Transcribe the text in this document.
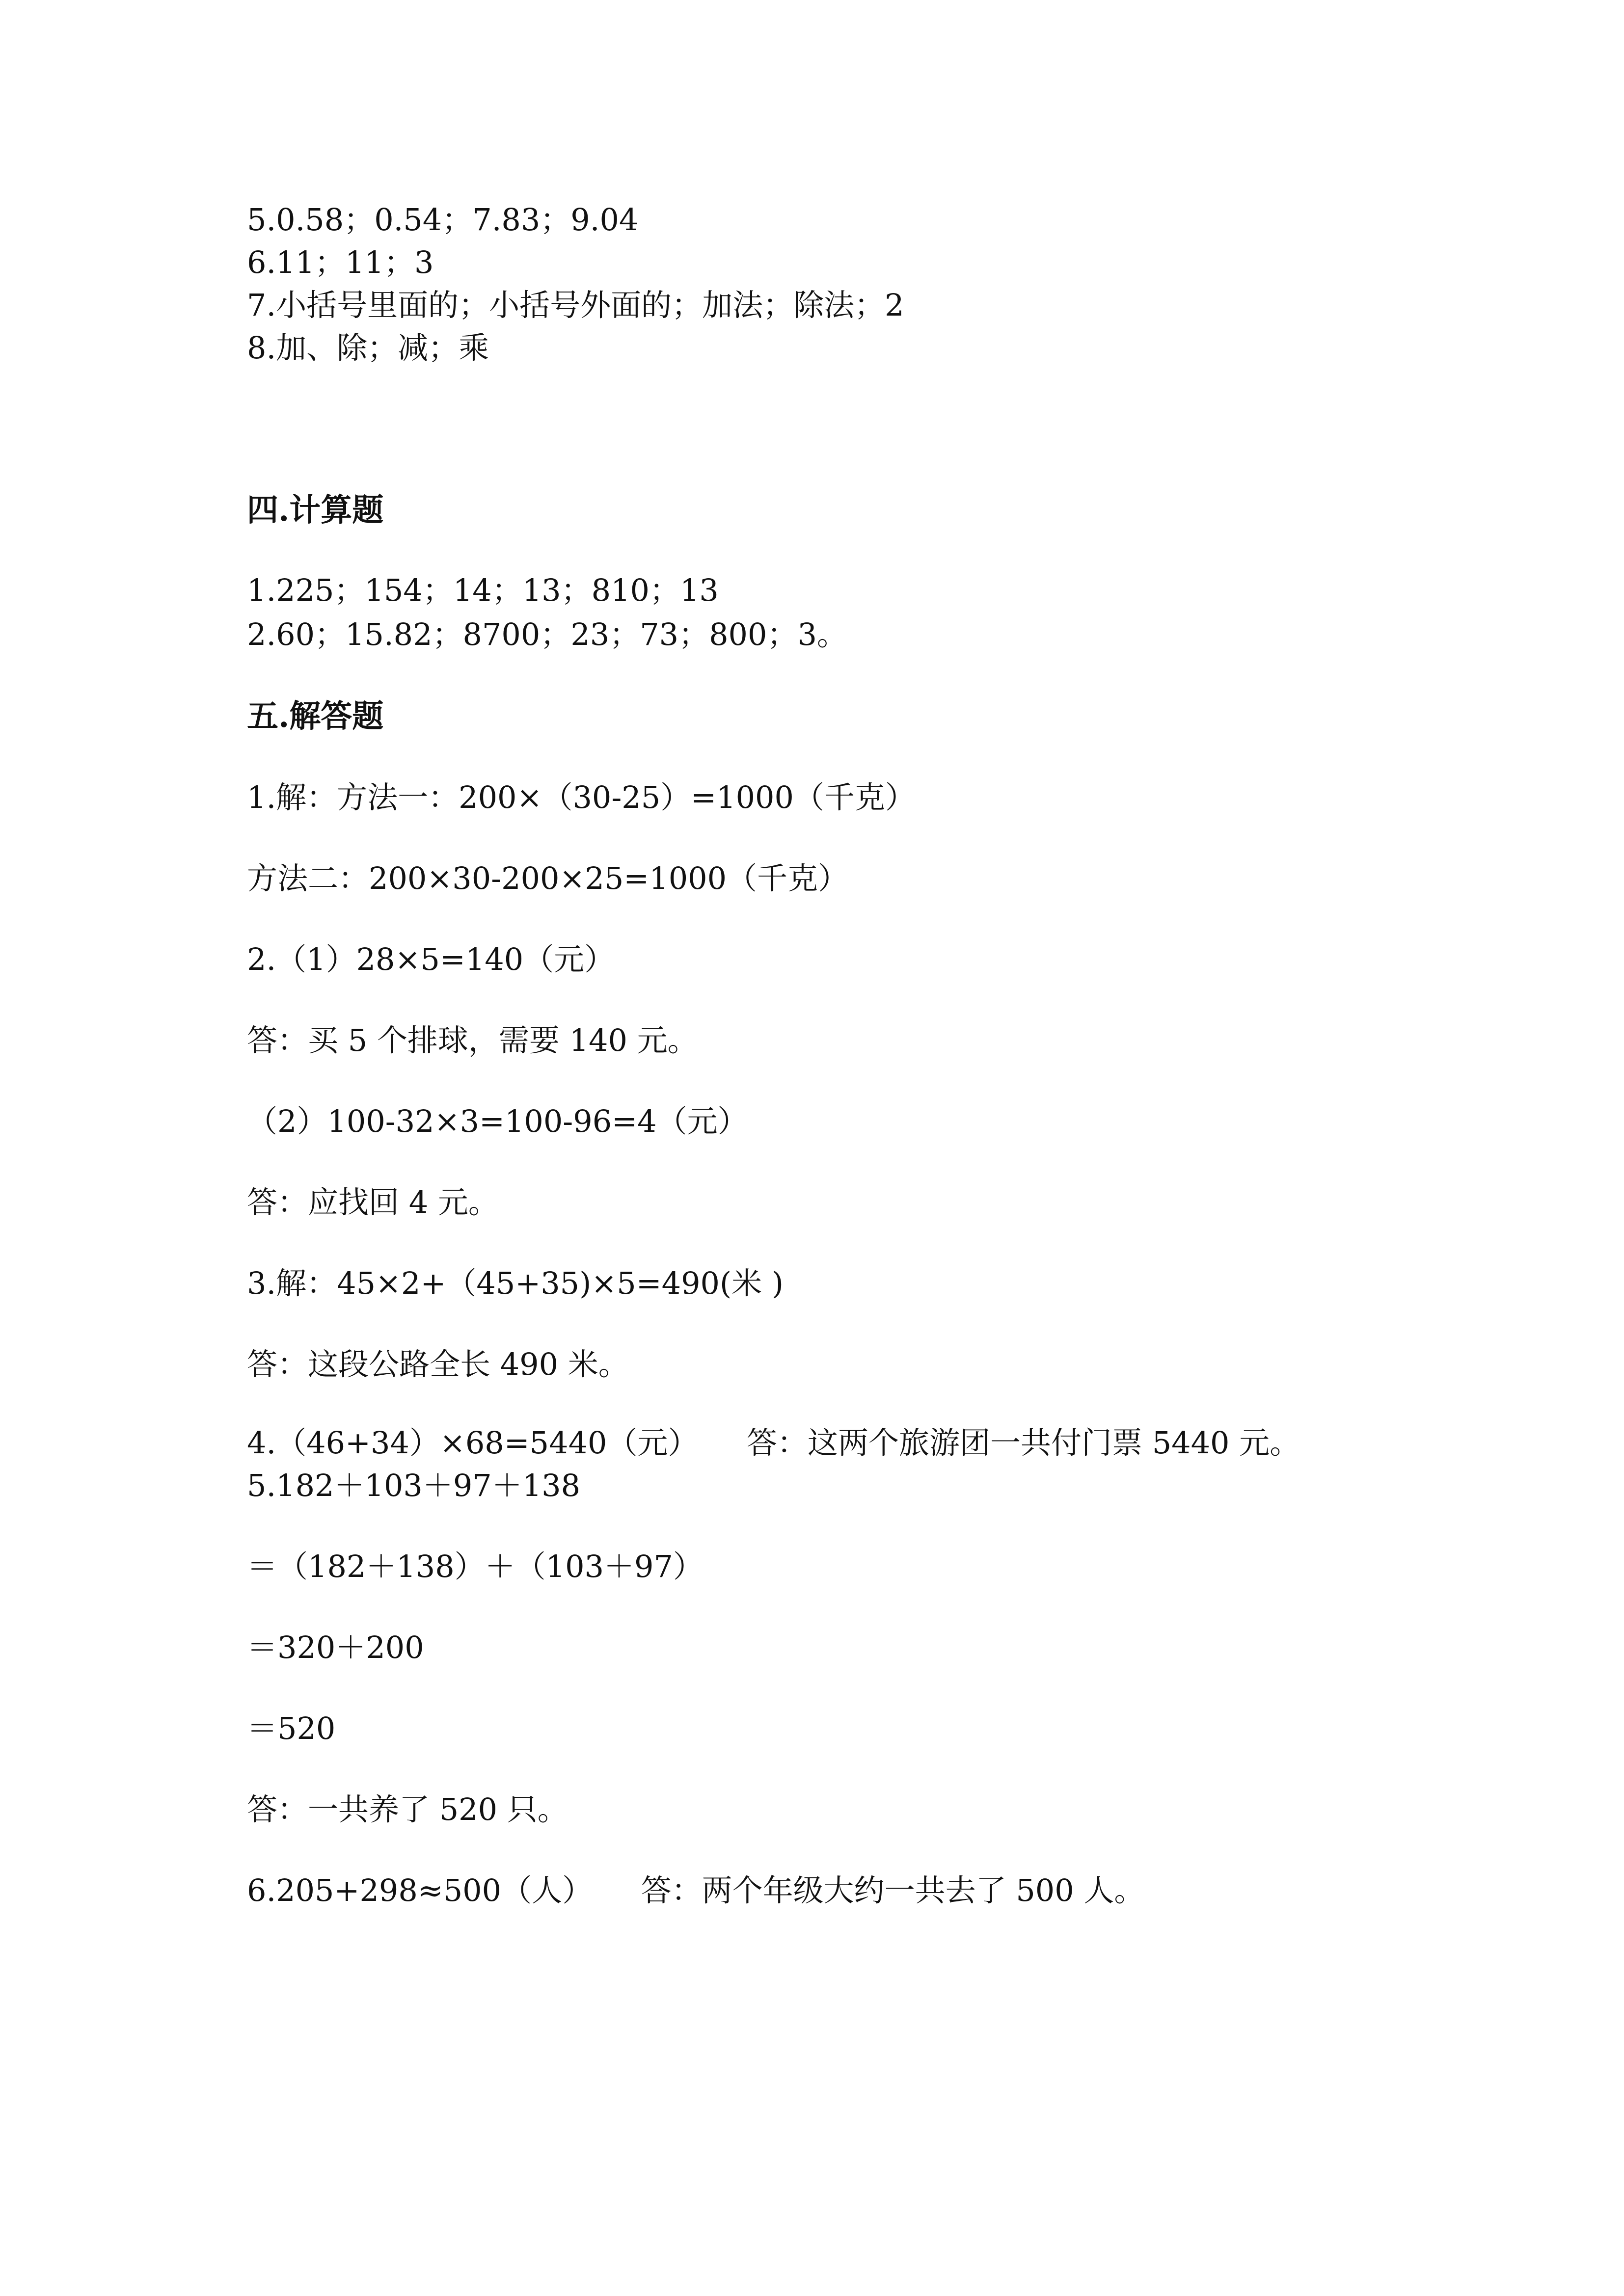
5.0.58；0.54；7.83；9.04

6.11；11；3

7.小括号里面的；小括号外面的；加法；除法；2

8.加、除；减；乘

四.计算题

1.225；154；14；13；810；13

2.60；15.82；8700；23；73；800；3。

五.解答题

1.解：方法一：200×（30-25）=1000（千克）

方法二：200×30-200×25=1000（千克）

2.（1）28×5=140（元）

答：买 5 个排球，需要 140 元。

（2）100-32×3=100-96=4（元）

答：应找回 4 元。

3.解：45×2+（45+35)×5=490(米 )

答：这段公路全长 490 米。

4.（46+34）×68=5440（元）     答：这两个旅游团一共付门票 5440 元。

5.182＋103＋97＋138

＝（182＋138）＋（103＋97）

＝320＋200

＝520

答：一共养了 520 只。

6.205+298≈500（人）     答：两个年级大约一共去了 500 人。
